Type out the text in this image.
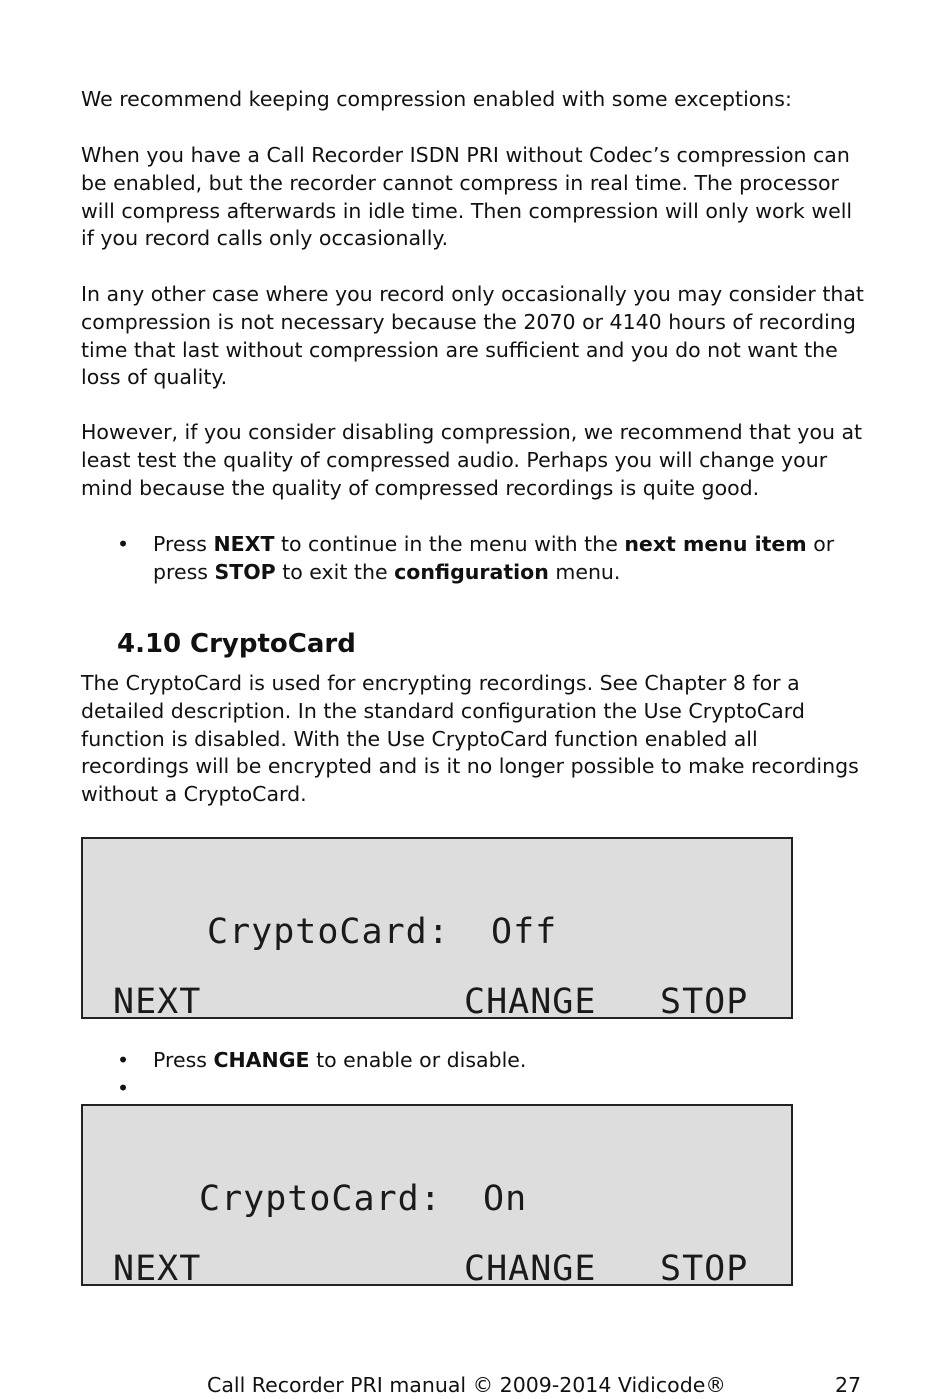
We recommend keeping compression enabled with some exceptions:

When you have a Call Recorder ISDN PRI without Codec’s compression can be enabled, but the recorder cannot compress in real time. The processor will compress afterwards in idle time. Then compression will only work well if you record calls only occasionally.

In any other case where you record only occasionally you may consider that compression is not necessary because the 2070 or 4140 hours of recording time that last without compression are sufficient and you do not want the loss of quality.

However, if you consider disabling compression, we recommend that you at least test the quality of compressed audio. Perhaps you will change your mind because the quality of compressed recordings is quite good.

• Press NEXT to continue in the menu with the next menu item or press STOP to exit the configuration menu.
4.10 CryptoCard

The CryptoCard is used for encrypting recordings. See Chapter 8 for a detailed description. In the standard configuration the Use CryptoCard function is disabled. With the Use CryptoCard function enabled all recordings will be encrypted and is it no longer possible to make recordings without a CryptoCard.

CryptoCard: Off
NEXT	CHANGE STOP
• Press CHANGE to enable or disable.
•
CryptoCard: On
NEXT	CHANGE STOP
Call Recorder PRI manual © 2009-2014 Vidicode®	27
